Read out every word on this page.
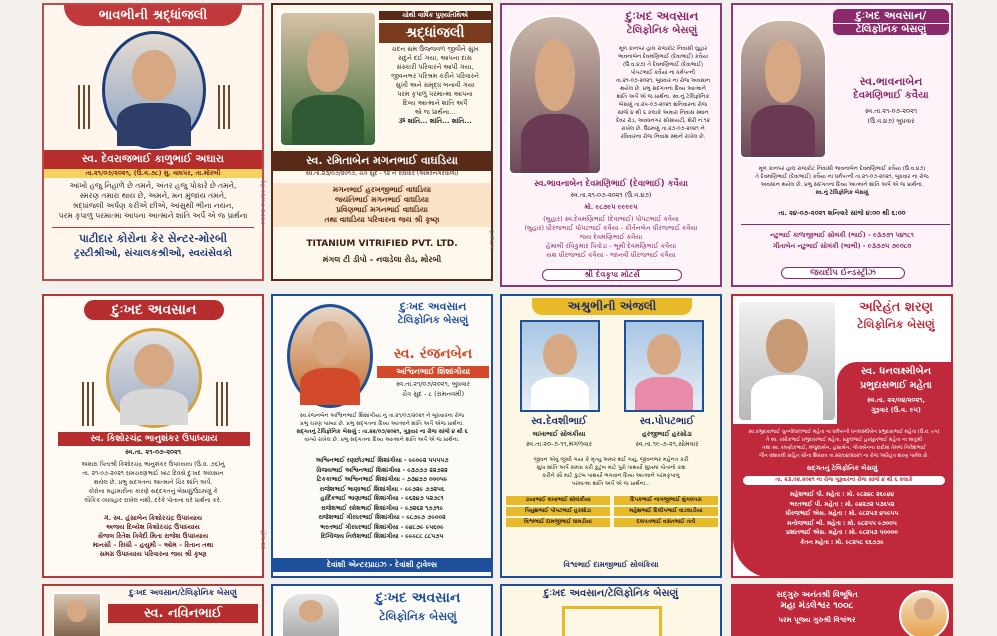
ભાવભીની શ્રદ્ધાંજલી
સ્વ. દેવરાજભાઈ કાળુભાઈ અઘારા
તા.૨૧/૦૭/૨૦૨૧, (ઉ.વ.૭૮) મુ. વાઘપર, તા.મોરબી
આંખો હજુ નિહાળે છે તમને, અંતર હજુ પોકારે છે તમને,
સ્મરણ તમારા થાય છે, અમને, મન મુંજાંય તમને,
શ્રદ્ધાંજલી અર્પણ કરીએ છીએ, આંસુથી ભીના નયન,
પરમ કૃપાળુ પરમાત્મા આપના આત્માને શાંતિ અર્પે એ જ પ્રાર્થના
પાટીદાર કોરોના કેર સેન્ટર-મોરબી
ટ્રસ્ટીશ્રીઓ, સંચાલકશ્રીઓ, સ્વયંસેવકો
રેફ-૦૨/૦૭-૩૭૪૭
ચોથી વાર્ષિક પુણ્યતિથિએ
શ્રદ્ધાંજલી
ચંદન સમ ઉજ્જવળ જીવીને સુખ
સદુને દઈ ગયા, આપના દાસ
સંસ્કારી પરિવારને આપી ગયા,
જીવનભર પરિશ્રમ કરીને પરિવારને
સુખી અને સમૃદ્ધ બનાવી ગયા
પરમ કૃપાળુ પરમાત્મા આપના
દિવ્ય આત્માને શાંતિ અર્પે
એ જ પ્રાર્થના...
ૐ શાંતિ... શાંતિ... શાંતિ...
સ્વ. રમિતાબેન મગનભાઈ વાઘડિયા
સ્વ.તા.૨૩/૦૭/૨૦૧૭, ચૈત્ર સુદ - ૧૨ ને રવિવાર (અમરનગરવાળા)
મગનભાઈ હરખજીભાઈ વાઘડિયા
જયંતિભાઈ મગનભાઈ વાઘડિયા
પ્રવિણભાઈ મગનભાઈ વાઘડિયા
તથા વાઘડિયા પરિવારના જય શ્રી કૃષ્ણ
TITANIUM VITRIFIED PVT. LTD.
મંગલ ટી ડીપો – નવાડેલા રોડ, મોરબી
રૂ.૧૧૭૫
દુઃખદ અવસાન
ટેલિફોનિક બેસણું
મૂળ કાનપર હાલ રાજકોટ નિવાસી લુહાર
ભાવનાબેન દેવમણિભાઈ (દેવાભાઈ) કવૈયા
(ઉ.વ.૪૭) તે દેવમણિભાઈ (દેવાભાઈ)
પોપટભાઈ કવૈયા ના ધર્મપત્ની
તા.૨૧-૦૭-૨૦૨૧, બુધવાર ના રોજ અવસાન
થયેલ છે. પ્રભુ સદગતના દિવ્ય આત્માને
શાંતિ અર્પે એ જ પ્રાર્થના. સ્વ.નું ટેલિફોનિક
બેસણું તા.૨૫-૦૭-૨૦૨૧ શનિવારના રોજ
સાંજે ૪ થી ૬ કલાકે અમારા નિવાસ સ્થાન
દેવર રોડ, અવધનગર સોસાયટી, શેરી નં.૧૨
રાખેલ છે. ઉઠમણું તા.૨૭-૦૭-૨૦૨૧ ને
રવિવારના રોજ નિવાસ સ્થાને રાખેલ છે.
સ્વ.ભાવનાબેન દેવમણિભાઈ (દેવાભાઈ) કવૈયા
સ્વ.તા.૨૧-૦૭-૨૦૨૧ (ઉ.વ.૪૭)
મો. ૯૮૭૯૫ ૯૯૯૯૫
(લુહાર) સ્વ.દેવમણિભાઈ (દેવાભાઈ) પોપટભાઈ કવૈયા
(લુહાર) ધીરજભાઈ પોપટભાઈ કવૈયા - કીર્તનબેન ધીરજભાઈ કવૈયા
જય દેવમણિભાઈ કવૈયા
હેમાલી રવિકુમાર પિત્રોડા - ભૂમી દેવમણિભાઈ કવૈયા
યશ ધીરજભાઈ કવૈયા - જાનવી ધીરજભાઈ કવૈયા
શ્રી દેવકૃપા મોટર્સ
દુઃખદ અવસાન/
ટેલિફોનિક બેસણું
સ્વ.ભાવનાબેન
દેવમણિભાઈ કવૈયા
સ્વ.તા.૨૧-૦૭-૨૦૨૧
(ઉ.વ.૪૭) બુધવાર
મૂળ કાનપર હાલ રાજકોટ નિવાસી ભાવનાબેન દેવમણિભાઈ કવૈયા (ઉ.વ.૪૭)
તે દેવમણિભાઈ (દેવાભાઈ) કવૈયા ના ધર્મપત્ની તા.૨૧-૦૭-૨૦૨૧, બુધવાર ના રોજ
અવસાન થયેલ છે. પ્રભુ સદગતના દિવ્ય આત્માને શાંતિ અર્પે એ જ પ્રાર્થના.
સ્વ.નું ટેલિફોનિક બેસણું
તા. ૨૪-૦૭-૨૦૨૧ શનિવારે સાંજે ૪:૦૦ થી ૬:૦૦
નટુભાઈ કાળાજીભાઈ સોલંકી (ભાઈ) - ૯૩૭૭૧ ૫૪૧૮૧
ગીતાબેન નટુભાઈ સોલંકી (ભાભી) - ૯૩૭૭૫ ૭૯૦૮૦
જયદીપ ઈન્ડસ્ટ્રીઝ
દુઃખદ અવસાન
સ્વ. કિશોરચંદ્ર ભાનુશંકર ઉપાધ્યાય
સ્વ.તા. ૨૧-૦૭-૨૦૨૧
અમારા પિતાશ્રી કિશોરચંદ્ર ભાનુશંકર ઉપાધ્યાય (ઉ.વ. ૭૬)નું
તા. ૨૧-૦૭-૨૦૨૧ રામચરણભાઈ ખાંટ દિવસે દુઃખદ અવસાન
થયેલ છે. પ્રભુ સદગતના આત્માને ચિર શાંતિ અર્પે.
કોરોના મહામારીના કારણે સદ્દગતનું બેસણું/ઉઠમણું કે
લૌકિક વ્યવહાર રાખેલ નથી. દરેકે પોતાના ઘરે પ્રાર્થના કરે.
ગં. સ્વ. હંસાબેન કિશોરચંદ્ર ઉપાધ્યાય
અજય દિવ્યેશ કિશોરચંદ્ર ઉપાધ્યાય
સેજલ રિતેશ ત્રિવેદી મિતા રાજેશ ઉપાધ્યાય
માનસી – રિધ્ધી – હયુમી – ઓમ – રિતાન તથા
સમગ્ર ઉપાધ્યાય પરિવારના જય શ્રી કૃષ્ણ
ધ્રોળ-૨૨
દુઃખદ અવસાન
ટેલિફોનિક બેસણું
સ્વ. રંજનબેન
અશ્વિનભાઈ શિશાંગીયા
સ્વ.તા.૨૧/૦૭/૨૦૨૧, બુધવાર
ચૈત્ર સુદ - ૮ (રામનવમી)
સ્વ.રંજનબેન અશ્વિનભાઈ શિશાંગીયા નું તા.૨૧/૦૭/૨૦૨૧ ને બુધવારના રોજ
પ્રભુ ચરણ પામ્યા છે. પ્રભુ સદ્ગતના દિવ્ય આત્માને શાંતિ અર્પે એજ પ્રાર્થના.
સદ્ગતનું ટેલિફોનિક બેસણું : તા.૨૨/૦૭/૨૦૨૧, ગુરૂવાર ના રોજ સાંજે ૪ થી ૬
વાગ્યે રાખેલ છે. પ્રભુ સદ્ગતના દિવ્ય આત્માને શાંતિ અર્પે એ જ પ્રાર્થના.
અશ્વિનભાઈ રણછોડભાઈ શિશાંગીયા - ૯૯૦૯૨ ૫૫૫૫૭
વિજયભાઈ અશ્વિનભાઈ શિશાંગીયા - ૯૩૭૭૭ ૨૨૭૨૨
ટિકકાભાઈ અશ્વિનભાઈ શિશાંગીયા - ૭૩૪૭૭ ૦૦૦૫૯
રાજેશભાઈ ભાણાભાઈ શિશાંગીયા - ૯૯૭૨૯ ૭૭૨૫૬
હાર્દિકભાઈ ભાણાભાઈ શિશાંગીયા - ૯૬૨૪૭ ૫૨૭૮૧
રાજેશભાઈ રમેશભાઈ શિશાંગીયા - ૯૭૨૬૨ ૧૭૭૧૯
રાજેશભાઈ ગીરધરભાઈ શિશાંગીયા - ૯૮૭૯૭ ૭૯૦૦૨
ભરતભાઈ ગીરધરભાઈ શિશાંગીયા - ૯૪૮૭૯ ૯૫૬૦૯
દિગ્વિજય નિલેશભાઈ શિશાંગીયા - ૯૯૯૮૮ ૮૮૫૭૫
દેવાંશી એન્ટરપ્રાઇઝ - દેવાંશી ટ્રાવેલ્સ
અશ્રુભીની અંજલી
સ્વ.દેવશીભાઈ
લાખાભાઈ સોલંકીયા
સ્વ.તા.૨૦-૭-૧૧,મંગળવાર
સ્વ.પોપટભાઈ
હરજીભાઈ હરસોડા
સ્વ.તા.૧૯-૭-૨૧,સોમવાર
જીવન એવું જીવી ગયા કે મૃત્યુ અમર થઈ ગયું, જીવનભર મહેનત કરી
સુખ શાંતિ અર્પે સમગ્ર કરી કુટુંબ માટે પુરો પાથર્યો સુખમાં પોતાનો કશ
કરીને સૌ માટે કુટંબ પાથર્યો ભગવાન દિવ્ય આત્માને પરમકૃપાળુ
પરમાત્મા શાંતિ અર્પે એ જ પ્રાર્થના...
ડાયાભાઈ લખાભાઈ સોલંકીયા
પિયુશભાઈ પોપટભાઈ હરસોડા
વિશ્વભાઈ દામજીભાઈ ધામડીયા
દિપકભાઈ નાગજીભાઈ મુંગલપરા
મહેશભાઈ દિલીપભાઈ વાડલાડીયા
દલપતભાઈ વસંતભાઈ તંતી
વિશ્વભાઈ દામજીભાઈ સોલંકિયા
અરિહંત શરણ
ટેલિફોનિક બેસણું
સ્વ. ધનલક્ષ્મીબેન
પ્રભુદાસભાઈ મહેતા
સ્વ.તા. ૨૨/૦૪/૨૦૨૧,
ગુરૂવાર (ઉ.વ. ૯૫)
સ્વ.પ્રભુદાસભાઈ ચુન્નીલાલભાઈ મહેતા ના ધર્મપત્ની ધનલક્ષ્મીબેન પ્રભુદાસભાઈ મહેતા (ઉ.વ. ૯૫)
તે સ્વ. રસીકભાઈ પ્રભુદાસભાઈ મહેતા, પ્રફુલભાઈ હરસુખભાઈ મહેતા ના માતુશ્રી
તથા સ્વ. રમણીકભાઈ, મંજુલાબેન, હંસાબેન, ગીતાબેનના દાદીમાં તેમજ નિલેશભાઈ
જૈન વંશાવલી સહિત સૌના શિરછત્ર તા.૨૨/૦૪/૨૦૨૧ ના રોજ અરિહંત શરણ પામેલ છે.
સદ્ગતનું ટેલિફોનિક બેસણું
તા. ૨૩.૦૪.૨૦૨૧ ના રોજ ગુરૂવારના રોજ સાંજે ૪ થી ૬ કલાકે
મહેશભાઈ પી. મહેતા : મો. ૯૮૨૪૮ ૨૬૯૪૪
ભરતભાઈ પી. મહેતા : મો. ૯૪૨૭૨ ૫૩૬૫૨
ધીરજભાઈ એસ. મહેતા : મો. ૯૮૨૫૩ ૪૫૯૫૫
મનોજભાઈ બી. મહેતા : મો. ૯૮૨૫૫ ૯૭૦૦૫
પ્રશાંતભાઈ એસ. મહેતા : મો. ૯૮૨૫૩ ૫૦૦૦૦
કેતન મહેતા : મો. ૯૮૨૫૮ ૬૬૭૭૯
દુઃખદ અવસાન/ટેલિફોનિક બેસણું
સ્વ. નવિનભાઈ
દુઃખદ અવસાન
ટેલિફોનિક બેસણું
દુઃખદ અવસાન/ટેલિફોનિક બેસણું	સદ્ગુરુ અનંતશ્રી વિભૂષિત
મહા મંડલેશ્વર ૧૦૦૮
પરમ પૂજ્ય ગુરુશ્રી વિશ્વંભર
